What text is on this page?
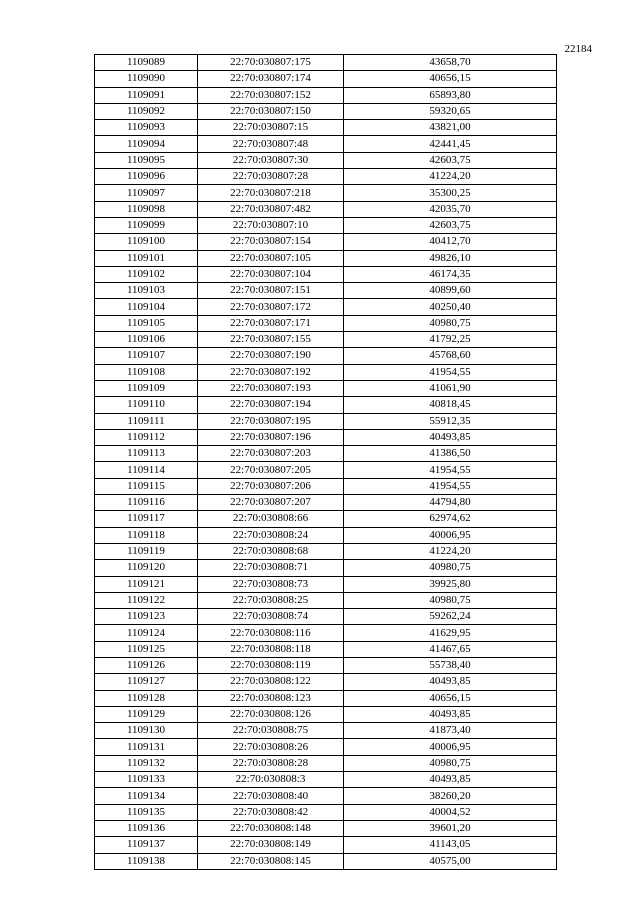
22184
1109089	22:70:030807:175	43658,70
1109090	22:70:030807:174	40656,15
1109091	22:70:030807:152	65893,80
1109092	22:70:030807:150	59320,65
1109093	22:70:030807:15	43821,00
1109094	22:70:030807:48	42441,45
1109095	22:70:030807:30	42603,75
1109096	22:70:030807:28	41224,20
1109097	22:70:030807:218	35300,25
1109098	22:70:030807:482	42035,70
1109099	22:70:030807:10	42603,75
1109100	22:70:030807:154	40412,70
1109101	22:70:030807:105	49826,10
1109102	22:70:030807:104	46174,35
1109103	22:70:030807:151	40899,60
1109104	22:70:030807:172	40250,40
1109105	22:70:030807:171	40980,75
1109106	22:70:030807:155	41792,25
1109107	22:70:030807:190	45768,60
1109108	22:70:030807:192	41954,55
1109109	22:70:030807:193	41061,90
1109110	22:70:030807:194	40818,45
1109111	22:70:030807:195	55912,35
1109112	22:70:030807:196	40493,85
1109113	22:70:030807:203	41386,50
1109114	22:70:030807:205	41954,55
1109115	22:70:030807:206	41954,55
1109116	22:70:030807:207	44794,80
1109117	22:70:030808:66	62974,62
1109118	22:70:030808:24	40006,95
1109119	22:70:030808:68	41224,20
1109120	22:70:030808:71	40980,75
1109121	22:70:030808:73	39925,80
1109122	22:70:030808:25	40980,75
1109123	22:70:030808:74	59262,24
1109124	22:70:030808:116	41629,95
1109125	22:70:030808:118	41467,65
1109126	22:70:030808:119	55738,40
1109127	22:70:030808:122	40493,85
1109128	22:70:030808:123	40656,15
1109129	22:70:030808:126	40493,85
1109130	22:70:030808:75	41873,40
1109131	22:70:030808:26	40006,95
1109132	22:70:030808:28	40980,75
1109133	22:70:030808:3	40493,85
1109134	22:70:030808:40	38260,20
1109135	22:70:030808:42	40004,52
1109136	22:70:030808:148	39601,20
1109137	22:70:030808:149	41143,05
1109138	22:70:030808:145	40575,00
